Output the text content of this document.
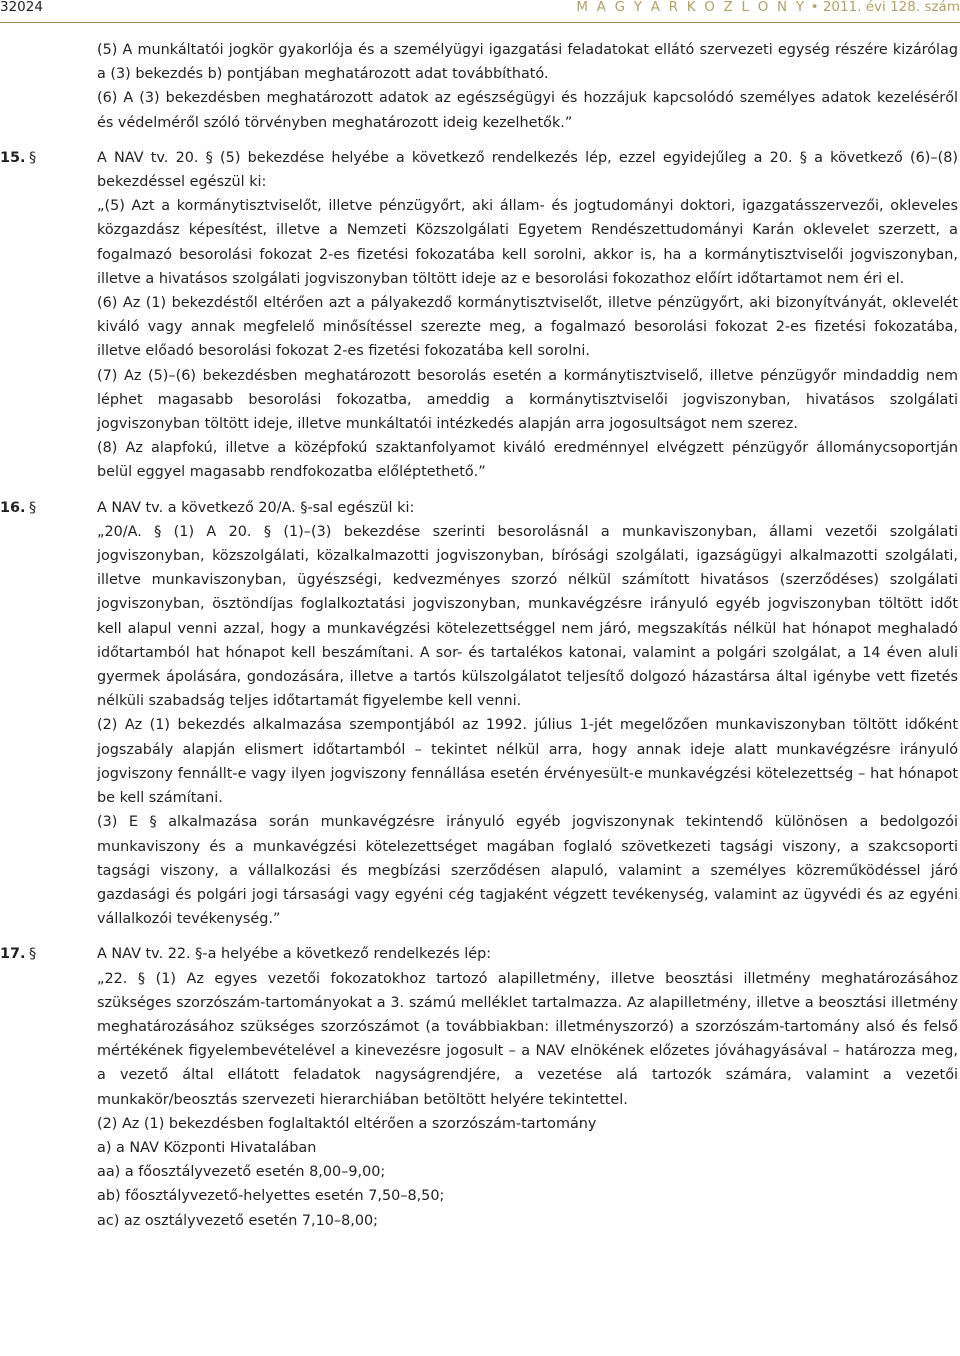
32024	M A G Y A R K Ö Z L Ö N Y • 2011. évi 128. szám

(5) A munkáltatói jogkör gyakorlója és a személyügyi igazgatási feladatokat ellátó szervezeti egység részére kizárólag a (3) bekezdés b) pontjában meghatározott adat továbbítható.

(6) A (3) bekezdésben meghatározott adatok az egészségügyi és hozzájuk kapcsolódó személyes adatok kezeléséről és védelméről szóló törvényben meghatározott ideig kezelhetők.”

15. §	A NAV tv. 20. § (5) bekezdése helyébe a következő rendelkezés lép, ezzel egyidejűleg a 20. § a következő (6)–(8) bekezdéssel egészül ki:

„(5) Azt a kormánytisztviselőt, illetve pénzügyőrt, aki állam- és jogtudományi doktori, igazgatásszervezői, okleveles közgazdász képesítést, illetve a Nemzeti Közszolgálati Egyetem Rendészettudományi Karán oklevelet szerzett, a fogalmazó besorolási fokozat 2-es fizetési fokozatába kell sorolni, akkor is, ha a kormánytisztviselői jogviszonyban, illetve a hivatásos szolgálati jogviszonyban töltött ideje az e besorolási fokozathoz előírt időtartamot nem éri el.

(6) Az (1) bekezdéstől eltérően azt a pályakezdő kormánytisztviselőt, illetve pénzügyőrt, aki bizonyítványát, oklevelét kiváló vagy annak megfelelő minősítéssel szerezte meg, a fogalmazó besorolási fokozat 2-es fizetési fokozatába, illetve előadó besorolási fokozat 2-es fizetési fokozatába kell sorolni.

(7) Az (5)–(6) bekezdésben meghatározott besorolás esetén a kormánytisztviselő, illetve pénzügyőr mindaddig nem léphet magasabb besorolási fokozatba, ameddig a kormánytisztviselői jogviszonyban, hivatásos szolgálati jogviszonyban töltött ideje, illetve munkáltatói intézkedés alapján arra jogosultságot nem szerez.

(8) Az alapfokú, illetve a középfokú szaktanfolyamot kiváló eredménnyel elvégzett pénzügyőr állománycsoportján belül eggyel magasabb rendfokozatba előléptethető.”

16. §	A NAV tv. a következő 20/A. §-sal egészül ki:

„20/A. § (1) A 20. § (1)–(3) bekezdése szerinti besorolásnál a munkaviszonyban, állami vezetői szolgálati jogviszonyban, közszolgálati, közalkalmazotti jogviszonyban, bírósági szolgálati, igazságügyi alkalmazotti szolgálati, illetve munkaviszonyban, ügyészségi, kedvezményes szorzó nélkül számított hivatásos (szerződéses) szolgálati jogviszonyban, ösztöndíjas foglalkoztatási jogviszonyban, munkavégzésre irányuló egyéb jogviszonyban töltött időt kell alapul venni azzal, hogy a munkavégzési kötelezettséggel nem járó, megszakítás nélkül hat hónapot meghaladó időtartamból hat hónapot kell beszámítani. A sor- és tartalékos katonai, valamint a polgári szolgálat, a 14 éven aluli gyermek ápolására, gondozására, illetve a tartós külszolgálatot teljesítő dolgozó házastársa által igénybe vett fizetés nélküli szabadság teljes időtartamát figyelembe kell venni.

(2) Az (1) bekezdés alkalmazása szempontjából az 1992. július 1-jét megelőzően munkaviszonyban töltött időként jogszabály alapján elismert időtartamból – tekintet nélkül arra, hogy annak ideje alatt munkavégzésre irányuló jogviszony fennállt-e vagy ilyen jogviszony fennállása esetén érvényesült-e munkavégzési kötelezettség – hat hónapot be kell számítani.

(3) E § alkalmazása során munkavégzésre irányuló egyéb jogviszonynak tekintendő különösen a bedolgozói munkaviszony és a munkavégzési kötelezettséget magában foglaló szövetkezeti tagsági viszony, a szakcsoporti tagsági viszony, a vállalkozási és megbízási szerződésen alapuló, valamint a személyes közreműködéssel járó gazdasági és polgári jogi társasági vagy egyéni cég tagjaként végzett tevékenység, valamint az ügyvédi és az egyéni vállalkozói tevékenység.”

17. §	A NAV tv. 22. §-a helyébe a következő rendelkezés lép:

„22. § (1) Az egyes vezetői fokozatokhoz tartozó alapilletmény, illetve beosztási illetmény meghatározásához szükséges szorzószám-tartományokat a 3. számú melléklet tartalmazza. Az alapilletmény, illetve a beosztási illetmény meghatározásához szükséges szorzószámot (a továbbiakban: illetményszorzó) a szorzószám-tartomány alsó és felső mértékének figyelembevételével a kinevezésre jogosult – a NAV elnökének előzetes jóváhagyásával – határozza meg, a vezető által ellátott feladatok nagyságrendjére, a vezetése alá tartozók számára, valamint a vezetői munkakör/beosztás szervezeti hierarchiában betöltött helyére tekintettel.

(2) Az (1) bekezdésben foglaltaktól eltérően a szorzószám-tartomány

a) a NAV Központi Hivatalában

aa) a főosztályvezető esetén 8,00–9,00;

ab) főosztályvezető-helyettes esetén 7,50–8,50;

ac) az osztályvezető esetén 7,10–8,00;
